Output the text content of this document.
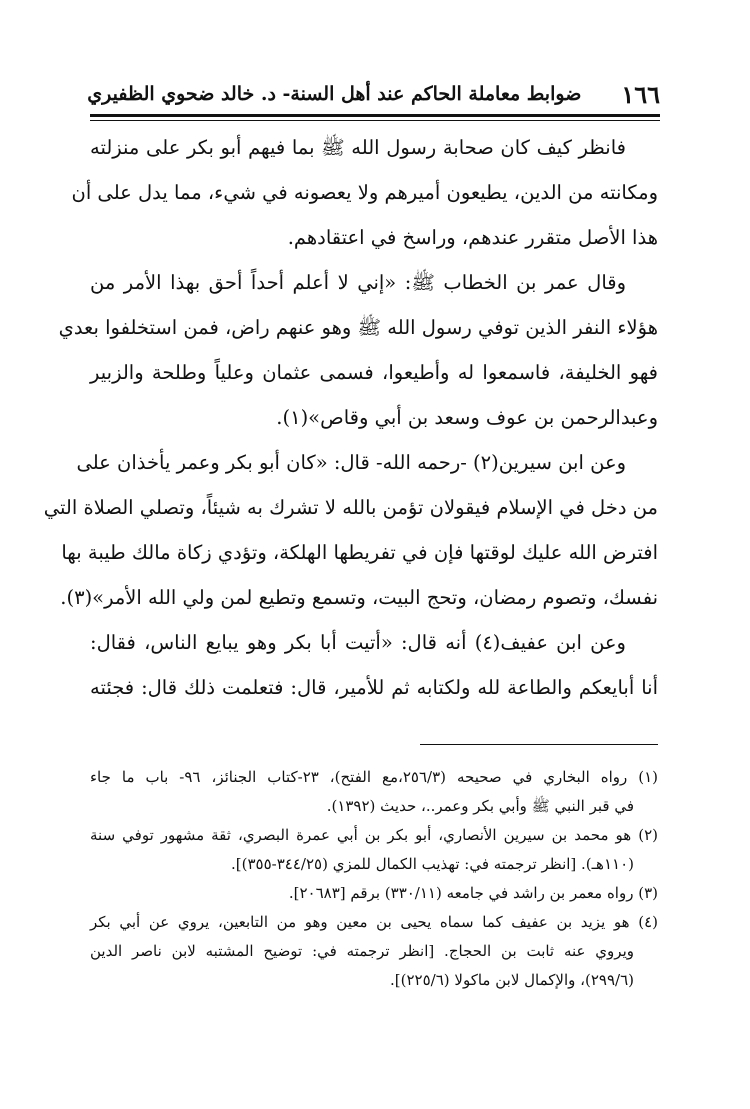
١٦٦
ضوابط معاملة الحاكم عند أهل السنة- د. خالد ضحوي الظفيري
فانظر كيف كان صحابة رسول الله ﷺ بما فيهم أبو بكر على منزلته
ومكانته من الدين، يطيعون أميرهم ولا يعصونه في شيء، مما يدل على أن
هذا الأصل متقرر عندهم، وراسخ في اعتقادهم.
وقال عمر بن الخطاب ﷺ: «إني لا أعلم أحداً أحق بهذا الأمر من
هؤلاء النفر الذين توفي رسول الله ﷺ وهو عنهم راض، فمن استخلفوا بعدي
فهو الخليفة، فاسمعوا له وأطيعوا، فسمى عثمان وعلياً وطلحة والزبير
وعبدالرحمن بن عوف وسعد بن أبي وقاص»(١).
وعن ابن سيرين(٢) -رحمه الله- قال: «كان أبو بكر وعمر يأخذان على
من دخل في الإسلام فيقولان تؤمن بالله لا تشرك به شيئاً، وتصلي الصلاة التي
افترض الله عليك لوقتها فإن في تفريطها الهلكة، وتؤدي زكاة مالك طيبة بها
نفسك، وتصوم رمضان، وتحج البيت، وتسمع وتطيع لمن ولي الله الأمر»(٣).
وعن ابن عفيف(٤) أنه قال: «أتيت أبا بكر وهو يبايع الناس، فقال:
أنا أبايعكم والطاعة لله ولكتابه ثم للأمير، قال: فتعلمت ذلك قال: فجئته
(١) رواه البخاري في صحيحه (٢٥٦/٣،مع الفتح)، ٢٣-كتاب الجنائز، ٩٦- باب ما جاء
في قبر النبي ﷺ وأبي بكر وعمر..، حديث (١٣٩٢).
(٢) هو محمد بن سيرين الأنصاري، أبو بكر بن أبي عمرة البصري، ثقة مشهور توفي سنة
(١١٠هـ). [انظر ترجمته في: تهذيب الكمال للمزي (٣٤٤/٢٥-٣٥٥)].
(٣) رواه معمر بن راشد في جامعه (٣٣٠/١١) برقم [٢٠٦٨٣].
(٤) هو يزيد بن عفيف كما سماه يحيى بن معين وهو من التابعين، يروي عن أبي بكر
ويروي عنه ثابت بن الحجاج. [انظر ترجمته في: توضيح المشتبه لابن ناصر الدين
(٢٩٩/٦)، والإكمال لابن ماكولا (٢٢٥/٦)].
